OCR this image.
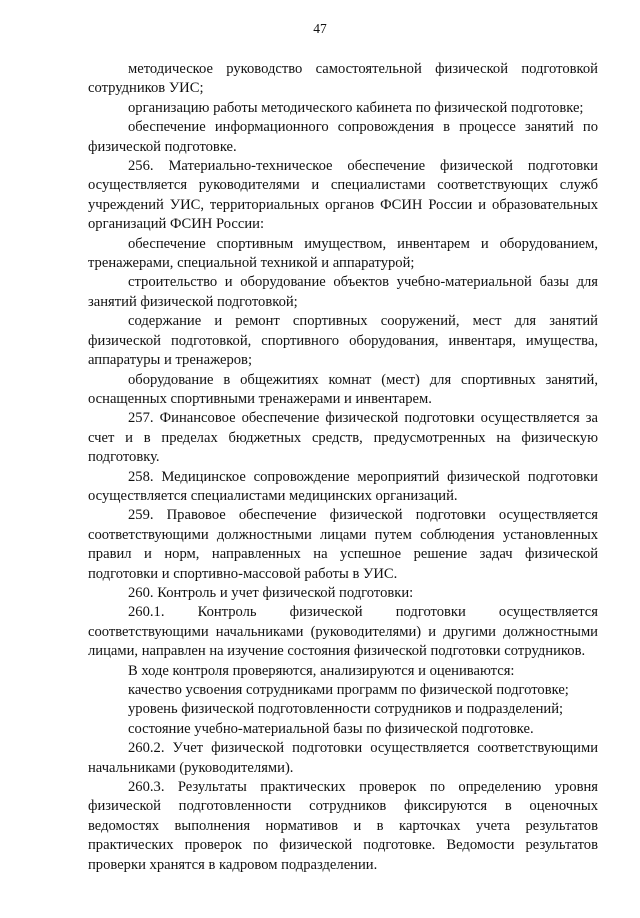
47

методическое руководство самостоятельной физической подготовкой сотрудников УИС;

организацию работы методического кабинета по физической подготовке;

обеспечение информационного сопровождения в процессе занятий по физической подготовке.

256. Материально-техническое обеспечение физической подготовки осуществляется руководителями и специалистами соответствующих служб учреждений УИС, территориальных органов ФСИН России и образовательных организаций ФСИН России:

обеспечение спортивным имуществом, инвентарем и оборудованием, тренажерами, специальной техникой и аппаратурой;

строительство и оборудование объектов учебно-материальной базы для занятий физической подготовкой;

содержание и ремонт спортивных сооружений, мест для занятий физической подготовкой, спортивного оборудования, инвентаря, имущества, аппаратуры и тренажеров;

оборудование в общежитиях комнат (мест) для спортивных занятий, оснащенных спортивными тренажерами и инвентарем.

257. Финансовое обеспечение физической подготовки осуществляется за счет и в пределах бюджетных средств, предусмотренных на физическую подготовку.

258. Медицинское сопровождение мероприятий физической подготовки осуществляется специалистами медицинских организаций.

259. Правовое обеспечение физической подготовки осуществляется соответствующими должностными лицами путем соблюдения установленных правил и норм, направленных на успешное решение задач физической подготовки и спортивно-массовой работы в УИС.

260. Контроль и учет физической подготовки:

260.1. Контроль физической подготовки осуществляется соответствующими начальниками (руководителями) и другими должностными лицами, направлен на изучение состояния физической подготовки сотрудников.

В ходе контроля проверяются, анализируются и оцениваются:

качество усвоения сотрудниками программ по физической подготовке;

уровень физической подготовленности сотрудников и подразделений;

состояние учебно-материальной базы по физической подготовке.

260.2. Учет физической подготовки осуществляется соответствующими начальниками (руководителями).

260.3. Результаты практических проверок по определению уровня физической подготовленности сотрудников фиксируются в оценочных ведомостях выполнения нормативов и в карточках учета результатов практических проверок по физической подготовке. Ведомости результатов проверки хранятся в кадровом подразделении.
